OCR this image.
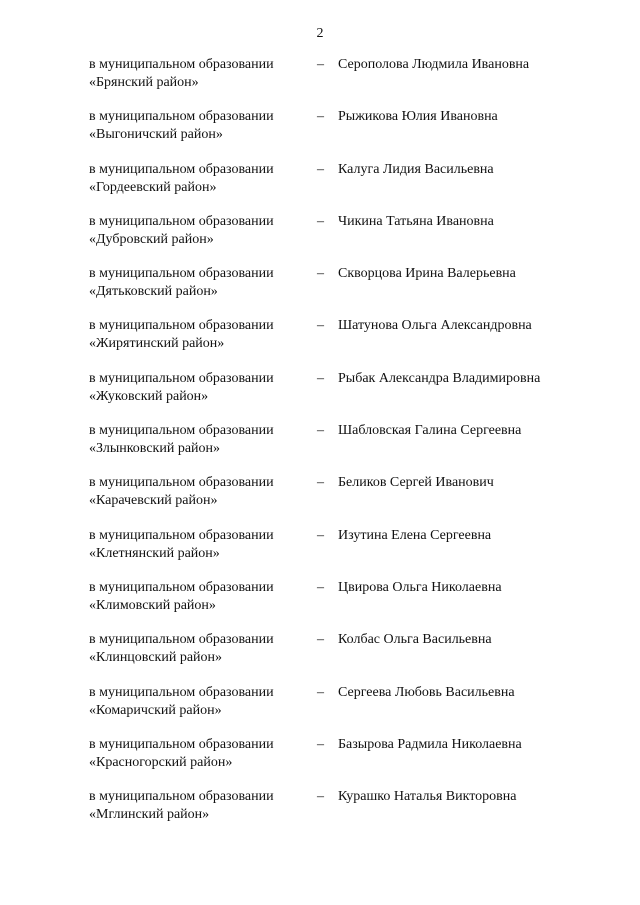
2
в муниципальном образовании
«Брянский район»
– Серополова Людмила Ивановна
в муниципальном образовании
«Выгоничский район»
– Рыжикова Юлия Ивановна
в муниципальном образовании
«Гордеевский район»
– Калуга Лидия Васильевна
в муниципальном образовании
«Дубровский район»
– Чикина Татьяна Ивановна
в муниципальном образовании
«Дятьковский район»
– Скворцова Ирина Валерьевна
в муниципальном образовании
«Жирятинский район»
– Шатунова Ольга Александровна
в муниципальном образовании
«Жуковский район»
– Рыбак Александра Владимировна
в муниципальном образовании
«Злынковский район»
– Шабловская Галина Сергеевна
в муниципальном образовании
«Карачевский район»
– Беликов Сергей Иванович
в муниципальном образовании
«Клетнянский район»
– Изутина Елена Сергеевна
в муниципальном образовании
«Климовский район»
– Цвирова Ольга Николаевна
в муниципальном образовании
«Клинцовский район»
– Колбас Ольга Васильевна
в муниципальном образовании
«Комаричский район»
– Сергеева Любовь Васильевна
в муниципальном образовании
«Красногорский район»
– Базырова Радмила Николаевна
в муниципальном образовании
«Мглинский район»
– Курашко Наталья Викторовна
